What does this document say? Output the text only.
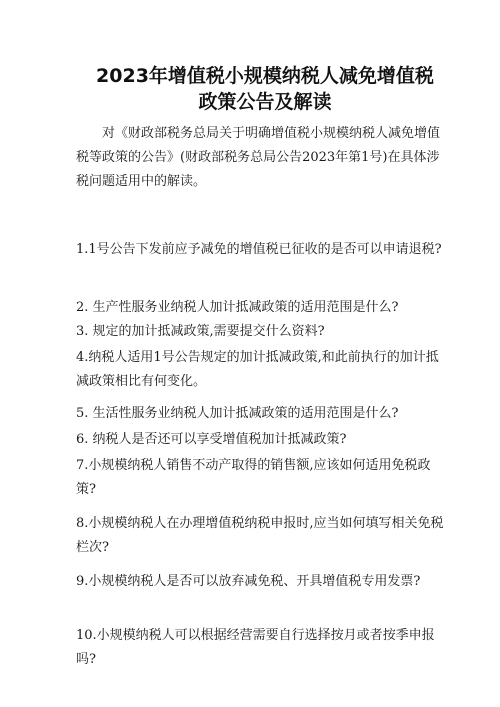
2023年增值税小规模纳税人减免增值税政策公告及解读
对《财政部税务总局关于明确增值税小规模纳税人减免增值税等政策的公告》(财政部税务总局公告2023年第1号)在具体涉税问题适用中的解读。
1.1号公告下发前应予减免的增值税已征收的是否可以申请退税?
2. 生产性服务业纳税人加计抵减政策的适用范围是什么?
3. 规定的加计抵减政策,需要提交什么资料?
4.纳税人适用1号公告规定的加计抵减政策,和此前执行的加计抵减政策相比有何变化。
5. 生活性服务业纳税人加计抵减政策的适用范围是什么?
6. 纳税人是否还可以享受增值税加计抵减政策?
7.小规模纳税人销售不动产取得的销售额,应该如何适用免税政策?
8.小规模纳税人在办理增值税纳税申报时,应当如何填写相关免税栏次?
9.小规模纳税人是否可以放弃减免税、开具增值税专用发票?
10.小规模纳税人可以根据经营需要自行选择按月或者按季申报吗?
